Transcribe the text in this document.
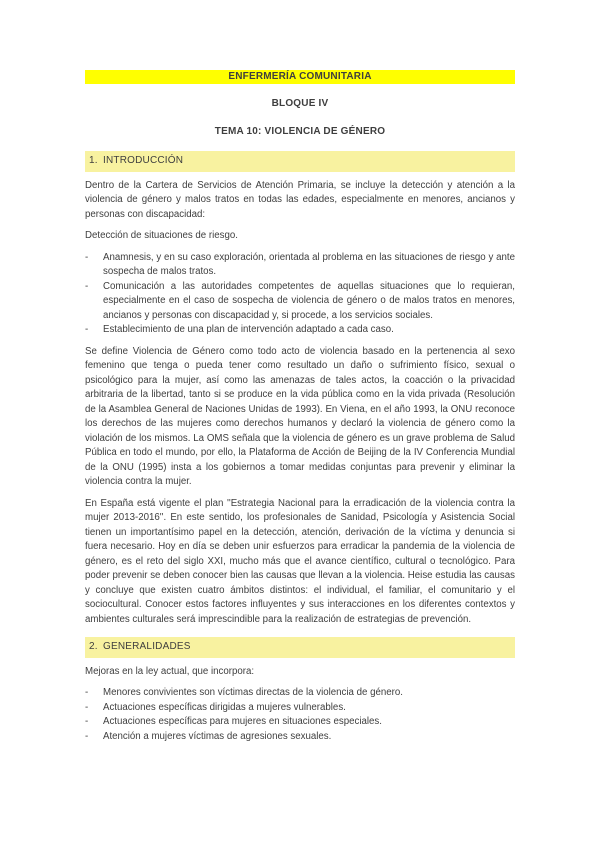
ENFERMERÍA COMUNITARIA
BLOQUE IV
TEMA 10: VIOLENCIA DE GÉNERO
1. INTRODUCCIÓN
Dentro de la Cartera de Servicios de Atención Primaria, se incluye la detección y atención a la violencia de género y malos tratos en todas las edades, especialmente en menores, ancianos y personas con discapacidad:
Detección de situaciones de riesgo.
-	Anamnesis, y en su caso exploración, orientada al problema en las situaciones de riesgo y ante sospecha de malos tratos.
-	Comunicación a las autoridades competentes de aquellas situaciones que lo requieran, especialmente en el caso de sospecha de violencia de género o de malos tratos en menores, ancianos y personas con discapacidad y, si procede, a los servicios sociales.
-	Establecimiento de una plan de intervención adaptado a cada caso.
Se define Violencia de Género como todo acto de violencia basado en la pertenencia al sexo femenino que tenga o pueda tener como resultado un daño o sufrimiento físico, sexual o psicológico para la mujer, así como las amenazas de tales actos, la coacción o la privacidad arbitraria de la libertad, tanto si se produce en la vida pública como en la vida privada (Resolución de la Asamblea General de Naciones Unidas de 1993). En Viena, en el año 1993, la ONU reconoce los derechos de las mujeres como derechos humanos y declaró la violencia de género como la violación de los mismos. La OMS señala que la violencia de género es un grave problema de Salud Pública en todo el mundo, por ello, la Plataforma de Acción de Beijing de la IV Conferencia Mundial de la ONU (1995) insta a los gobiernos a tomar medidas conjuntas para prevenir y eliminar la violencia contra la mujer.
En España está vigente el plan ''Estrategia Nacional para la erradicación de la violencia contra la mujer 2013-2016''. En este sentido, los profesionales de Sanidad, Psicología y Asistencia Social tienen un importantísimo papel en la detección, atención, derivación de la víctima y denuncia si fuera necesario. Hoy en día se deben unir esfuerzos para erradicar la pandemia de la violencia de género, es el reto del siglo XXI, mucho más que el avance científico, cultural o tecnológico. Para poder prevenir se deben conocer bien las causas que llevan a la violencia. Heise estudia las causas y concluye que existen cuatro ámbitos distintos: el individual, el familiar, el comunitario y el sociocultural. Conocer estos factores influyentes y sus interacciones en los diferentes contextos y ambientes culturales será imprescindible para la realización de estrategias de prevención.
2. GENERALIDADES
Mejoras en la ley actual, que incorpora:
-	Menores convivientes son víctimas directas de la violencia de género.
-	Actuaciones específicas dirigidas a mujeres vulnerables.
-	Actuaciones específicas para mujeres en situaciones especiales.
-	Atención a mujeres víctimas de agresiones sexuales.
